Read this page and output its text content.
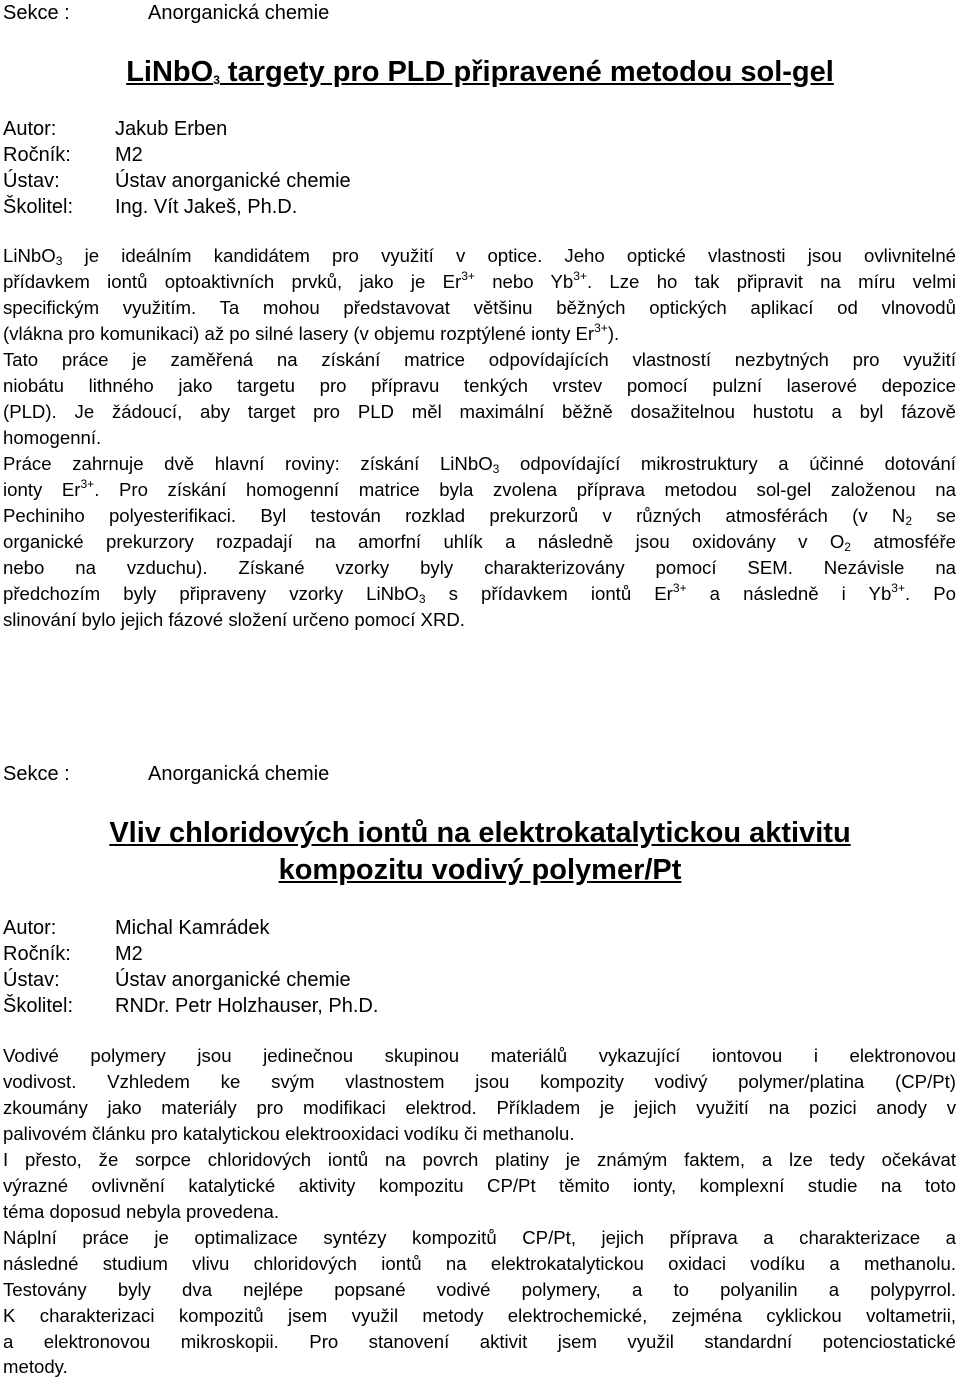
Sekce :	Anorganická chemie
LiNbO$_3$ targety pro PLD připravené metodou sol-gel
Autor:	Jakub Erben
Ročník: M2
Ústav:	Ústav anorganické chemie
Školitel: Ing. Vít Jakeš, Ph.D.
LiNbO$_3$ je ideálním kandidátem pro využití v optice. Jeho optické vlastnosti jsou ovlivnitelné
přídavkem iontů optoaktivních prvků, jako je $Er^{3+}$ nebo $Yb^{3+}$. Lze ho tak připravit na míru velmi
specifickým využitím. Ta mohou představovat většinu běžných optických aplikací od vlnovodů
(vlákna pro komunikaci) až po silné lasery (v objemu rozptýlené ionty $Er^{3+}$).
Tato práce je zaměřená na získání matrice odpovídajících vlastností nezbytných pro využití
niobátu lithného jako targetu pro přípravu tenkých vrstev pomocí pulzní laserové depozice
(PLD). Je žádoucí, aby target pro PLD měl maximální běžně dosažitelnou hustotu a byl fázově
homogenní.
Práce zahrnuje dvě hlavní roviny: získání LiNbO$_3$ odpovídající mikrostruktury a účinné dotování
ionty $Er^{3+}$. Pro získání homogenní matrice byla zvolena příprava metodou sol-gel založenou na
Pechiniho polyesterifikaci. Byl testován rozklad prekurzorů v různých atmosférách (v $N_2$ se
organické prekurzory rozpadají na amorfní uhlík a následně jsou oxidovány v $O_2$ atmosféře
nebo na vzduchu). Získané vzorky byly charakterizovány pomocí SEM. Nezávisle na
předchozím byly připraveny vzorky LiNbO$_3$ s přídavkem iontů $Er^{3+}$ a následně i $Yb^{3+}$. Po
slinování bylo jejich fázové složení určeno pomocí XRD.
Sekce :	Anorganická chemie
Vliv chloridových iontů na elektrokatalytickou aktivitu
kompozitu vodivý polymer/Pt
Autor:	Michal Kamrádek
Ročník: M2
Ústav:	Ústav anorganické chemie
Školitel: RNDr. Petr Holzhauser, Ph.D.
Vodivé polymery jsou jedinečnou skupinou materiálů vykazující iontovou i elektronovou
vodivost. Vzhledem ke svým vlastnostem jsou kompozity vodivý polymer/platina (CP/Pt)
zkoumány jako materiály pro modifikaci elektrod. Příkladem je jejich využití na pozici anody v
palivovém článku pro katalytickou elektrooxidaci vodíku či methanolu.
I přesto, že sorpce chloridových iontů na povrch platiny je známým faktem, a lze tedy očekávat
výrazné ovlivnění katalytické aktivity kompozitu CP/Pt těmito ionty, komplexní studie na toto
téma doposud nebyla provedena.
Náplní práce je optimalizace syntézy kompozitů CP/Pt, jejich příprava a charakterizace a
následné studium vlivu chloridových iontů na elektrokatalytickou oxidaci vodíku a methanolu.
Testovány byly dva nejlépe popsané vodivé polymery, a to polyanilin a polypyrrol.
K charakterizaci kompozitů jsem využil metody elektrochemické, zejména cyklickou voltametrii,
a elektronovou mikroskopii. Pro stanovení aktivit jsem využil standardní potenciostatické
metody.
